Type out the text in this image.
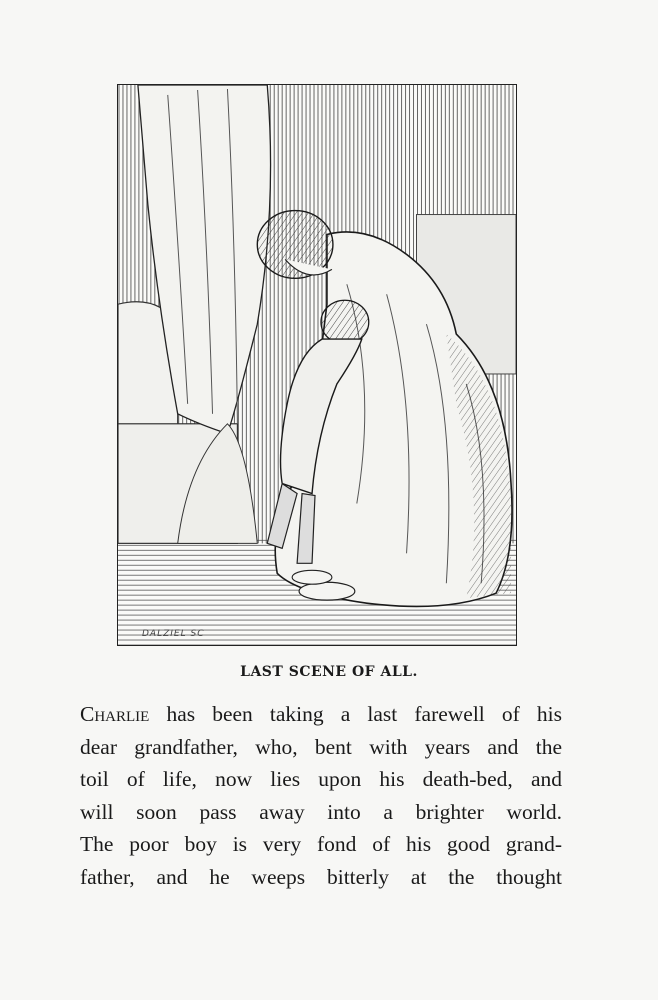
DALZIEL SC
LAST SCENE OF ALL.
Charlie has been taking a last farewell of his
dear grandfather, who, bent with years and the
toil of life, now lies upon his death-bed, and
will soon pass away into a brighter world.
The poor boy is very fond of his good grand-
father, and he weeps bitterly at the thought
